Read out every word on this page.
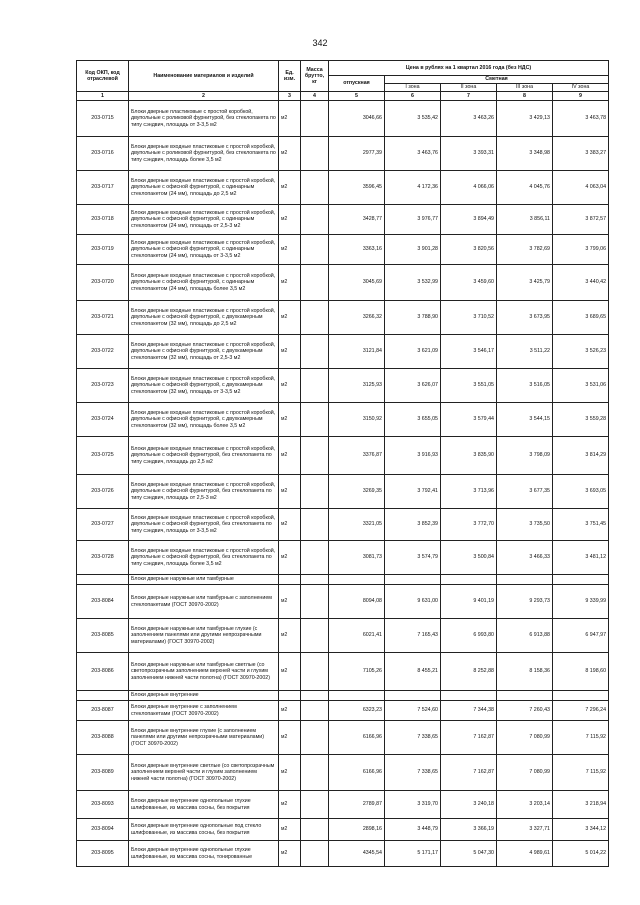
342
Код ОКП, код отраслевой	Наименование материалов и изделий	Ед. изм.	Масса брутто, кг	Цена в рублях на 1 квартал 2016 года (без НДС)				
				отпускная	Сметная			
					I зона	II зона	III зона	IV зона
1	2	3	4	5	6	7	8	9
203-0715	Блоки дверные пластиковые с простой коробкой, двупольные с роликовой фурнитурой, без стеклопакета по типу сэндвич, площадь от 3-3,5 м2	м2		3046,66	3 535,42	3 463,26	3 429,13	3 463,78
203-0716	Блоки дверные входные пластиковые с простой коробкой, двупольные с роликовой фурнитурой, без стеклопакета по типу сэндвич, площадь более 3,5 м2	м2		2977,39	3 463,76	3 393,31	3 348,98	3 383,27
203-0717	Блоки дверные входные пластиковые с простой коробкой, двупольные с офисной фурнитурой, с одинарным стеклопакетом (24 мм), площадь до 2,5 м2	м2		3596,45	4 172,36	4 066,06	4 045,76	4 063,04
203-0718	Блоки дверные входные пластиковые с простой коробкой, двупольные с офисной фурнитурой, с одинарным стеклопакетом (24 мм), площадь от 2,5-3 м2	м2		3428,77	3 976,77	3 894,49	3 856,11	3 872,57
203-0719	Блоки дверные входные пластиковые с простой коробкой, двупольные с офисной фурнитурой, с одинарным стеклопакетом (24 мм), площадь от 3-3,5 м2	м2		3363,16	3 901,28	3 820,56	3 782,69	3 799,06
203-0720	Блоки дверные входные пластиковые с простой коробкой, двупольные с офисной фурнитурой, с одинарным стеклопакетом (24 мм), площадь более 3,5 м2	м2		3045,69	3 532,99	3 459,60	3 425,79	3 440,42
203-0721	Блоки дверные входные пластиковые с простой коробкой, двупольные с офисной фурнитурой, с двухкамерным стеклопакетом (32 мм), площадь до 2,5 м2	м2		3266,32	3 788,90	3 710,52	3 673,95	3 689,65
203-0722	Блоки дверные входные пластиковые с простой коробкой, двупольные с офисной фурнитурой, с двухкамерным стеклопакетом (32 мм), площадь от 2,5-3 м2	м2		3121,84	3 621,09	3 546,17	3 511,22	3 526,23
203-0723	Блоки дверные входные пластиковые с простой коробкой, двупольные с офисной фурнитурой, с двухкамерным стеклопакетом (32 мм), площадь от 3-3,5 м2	м2		3125,93	3 626,07	3 551,05	3 516,05	3 531,06
203-0724	Блоки дверные входные пластиковые с простой коробкой, двупольные с офисной фурнитурой, с двухкамерным стеклопакетом (32 мм), площадь более 3,5 м2	м2		3150,92	3 655,05	3 579,44	3 544,15	3 559,28
203-0725	Блоки дверные входные пластиковые с простой коробкой, двупольные с офисной фурнитурой, без стеклопакета по типу сэндвич, площадь до 2,5 м2	м2		3376,87	3 916,93	3 835,90	3 798,09	3 814,29
203-0726	Блоки дверные входные пластиковые с простой коробкой, двупольные с офисной фурнитурой, без стеклопакета по типу сэндвич, площадь от 2,5-3 м2	м2		3269,35	3 792,41	3 713,96	3 677,35	3 693,05
203-0727	Блоки дверные входные пластиковые с простой коробкой, двупольные с офисной фурнитурой, без стеклопакета по типу сэндвич, площадь от 3-3,5 м2	м2		3321,05	3 852,39	3 772,70	3 735,50	3 751,45
203-0728	Блоки дверные входные пластиковые с простой коробкой, двупольные с офисной фурнитурой, без стеклопакета по типу сэндвич, площадь более 3,5 м2	м2		3081,73	3 574,79	3 500,84	3 466,33	3 481,12
	Блоки дверные наружные или тамбурные							
203-8084	Блоки дверные наружные или тамбурные с заполнением стеклопакетами (ГОСТ 30970-2002)	м2		8094,08	9 631,00	9 401,19	9 293,73	9 339,99
203-8085	Блоки дверные наружные или тамбурные глухие (с заполнением панелями или другими непрозрачными материалами) (ГОСТ 30970-2002)	м2		6021,41	7 165,43	6 993,80	6 913,88	6 947,97
203-8086	Блоки дверные наружные или тамбурные светлые (со светопрозрачным заполнением верхней части и глухим заполнением нижней части полотна) (ГОСТ 30970-2002)	м2		7105,26	8 455,21	8 252,88	8 158,36	8 198,60
	Блоки дверные внутренние							
203-8087	Блоки дверные внутренние с заполнением стеклопакетами (ГОСТ 30970-2002)	м2		6323,23	7 524,60	7 344,38	7 260,43	7 296,24
203-8088	Блоки дверные внутренние глухие (с заполнением панелями или другими непрозрачными материалами) (ГОСТ 30970-2002)	м2		6166,96	7 338,65	7 162,87	7 080,99	7 115,92
203-8089	Блоки дверные внутренние светлые (со светопрозрачным заполнением верхней части и глухим заполнением нижней части полотна) (ГОСТ 30970-2002)	м2		6166,96	7 338,65	7 162,87	7 080,99	7 115,92
203-8093	Блоки дверные внутренние однопольные глухие шлифованные, из массива сосны, без покрытия	м2		2789,87	3 319,70	3 240,18	3 203,14	3 218,94
203-8094	Блоки дверные внутренние однопольные под стекло шлифованные, из массива сосны, без покрытия	м2		2898,16	3 448,79	3 366,19	3 327,71	3 344,12
203-8095	Блоки дверные внутренние однопольные глухие шлифованные, из массива сосны, тонированные	м2		4345,54	5 171,17	5 047,30	4 989,61	5 014,22
